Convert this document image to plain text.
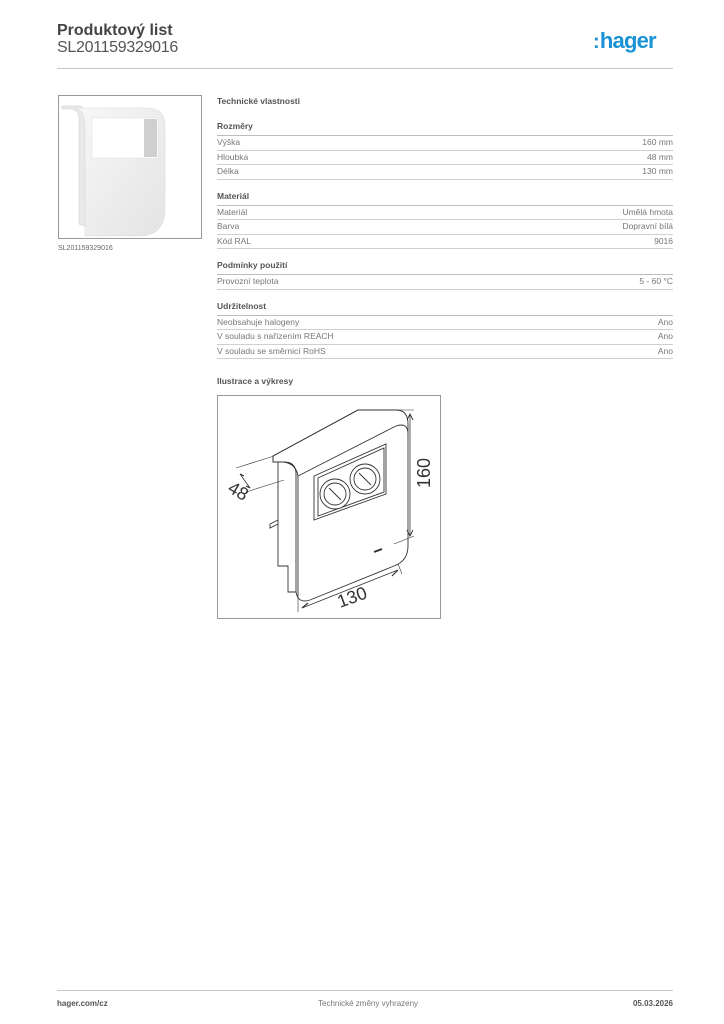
Produktový list
SL201159329016	:hager
SL201159329016
Technické vlastnosti
Rozměry
Výška	160 mm
Hloubka	48 mm
Délka	130 mm
Materiál
Materiál	Umělá hmota
Barva	Dopravní bílá
Kód RAL	9016
Podmínky použití
Provozní teplota	5 - 60 °C
Udržitelnost
Neobsahuje halogeny	Ano
V souladu s nařízením REACH	Ano
V souladu se směrnicí RoHS	Ano
Ilustrace a výkresy
48
160
130
hager.com/cz	Technické změny vyhrazeny	05.03.2026
